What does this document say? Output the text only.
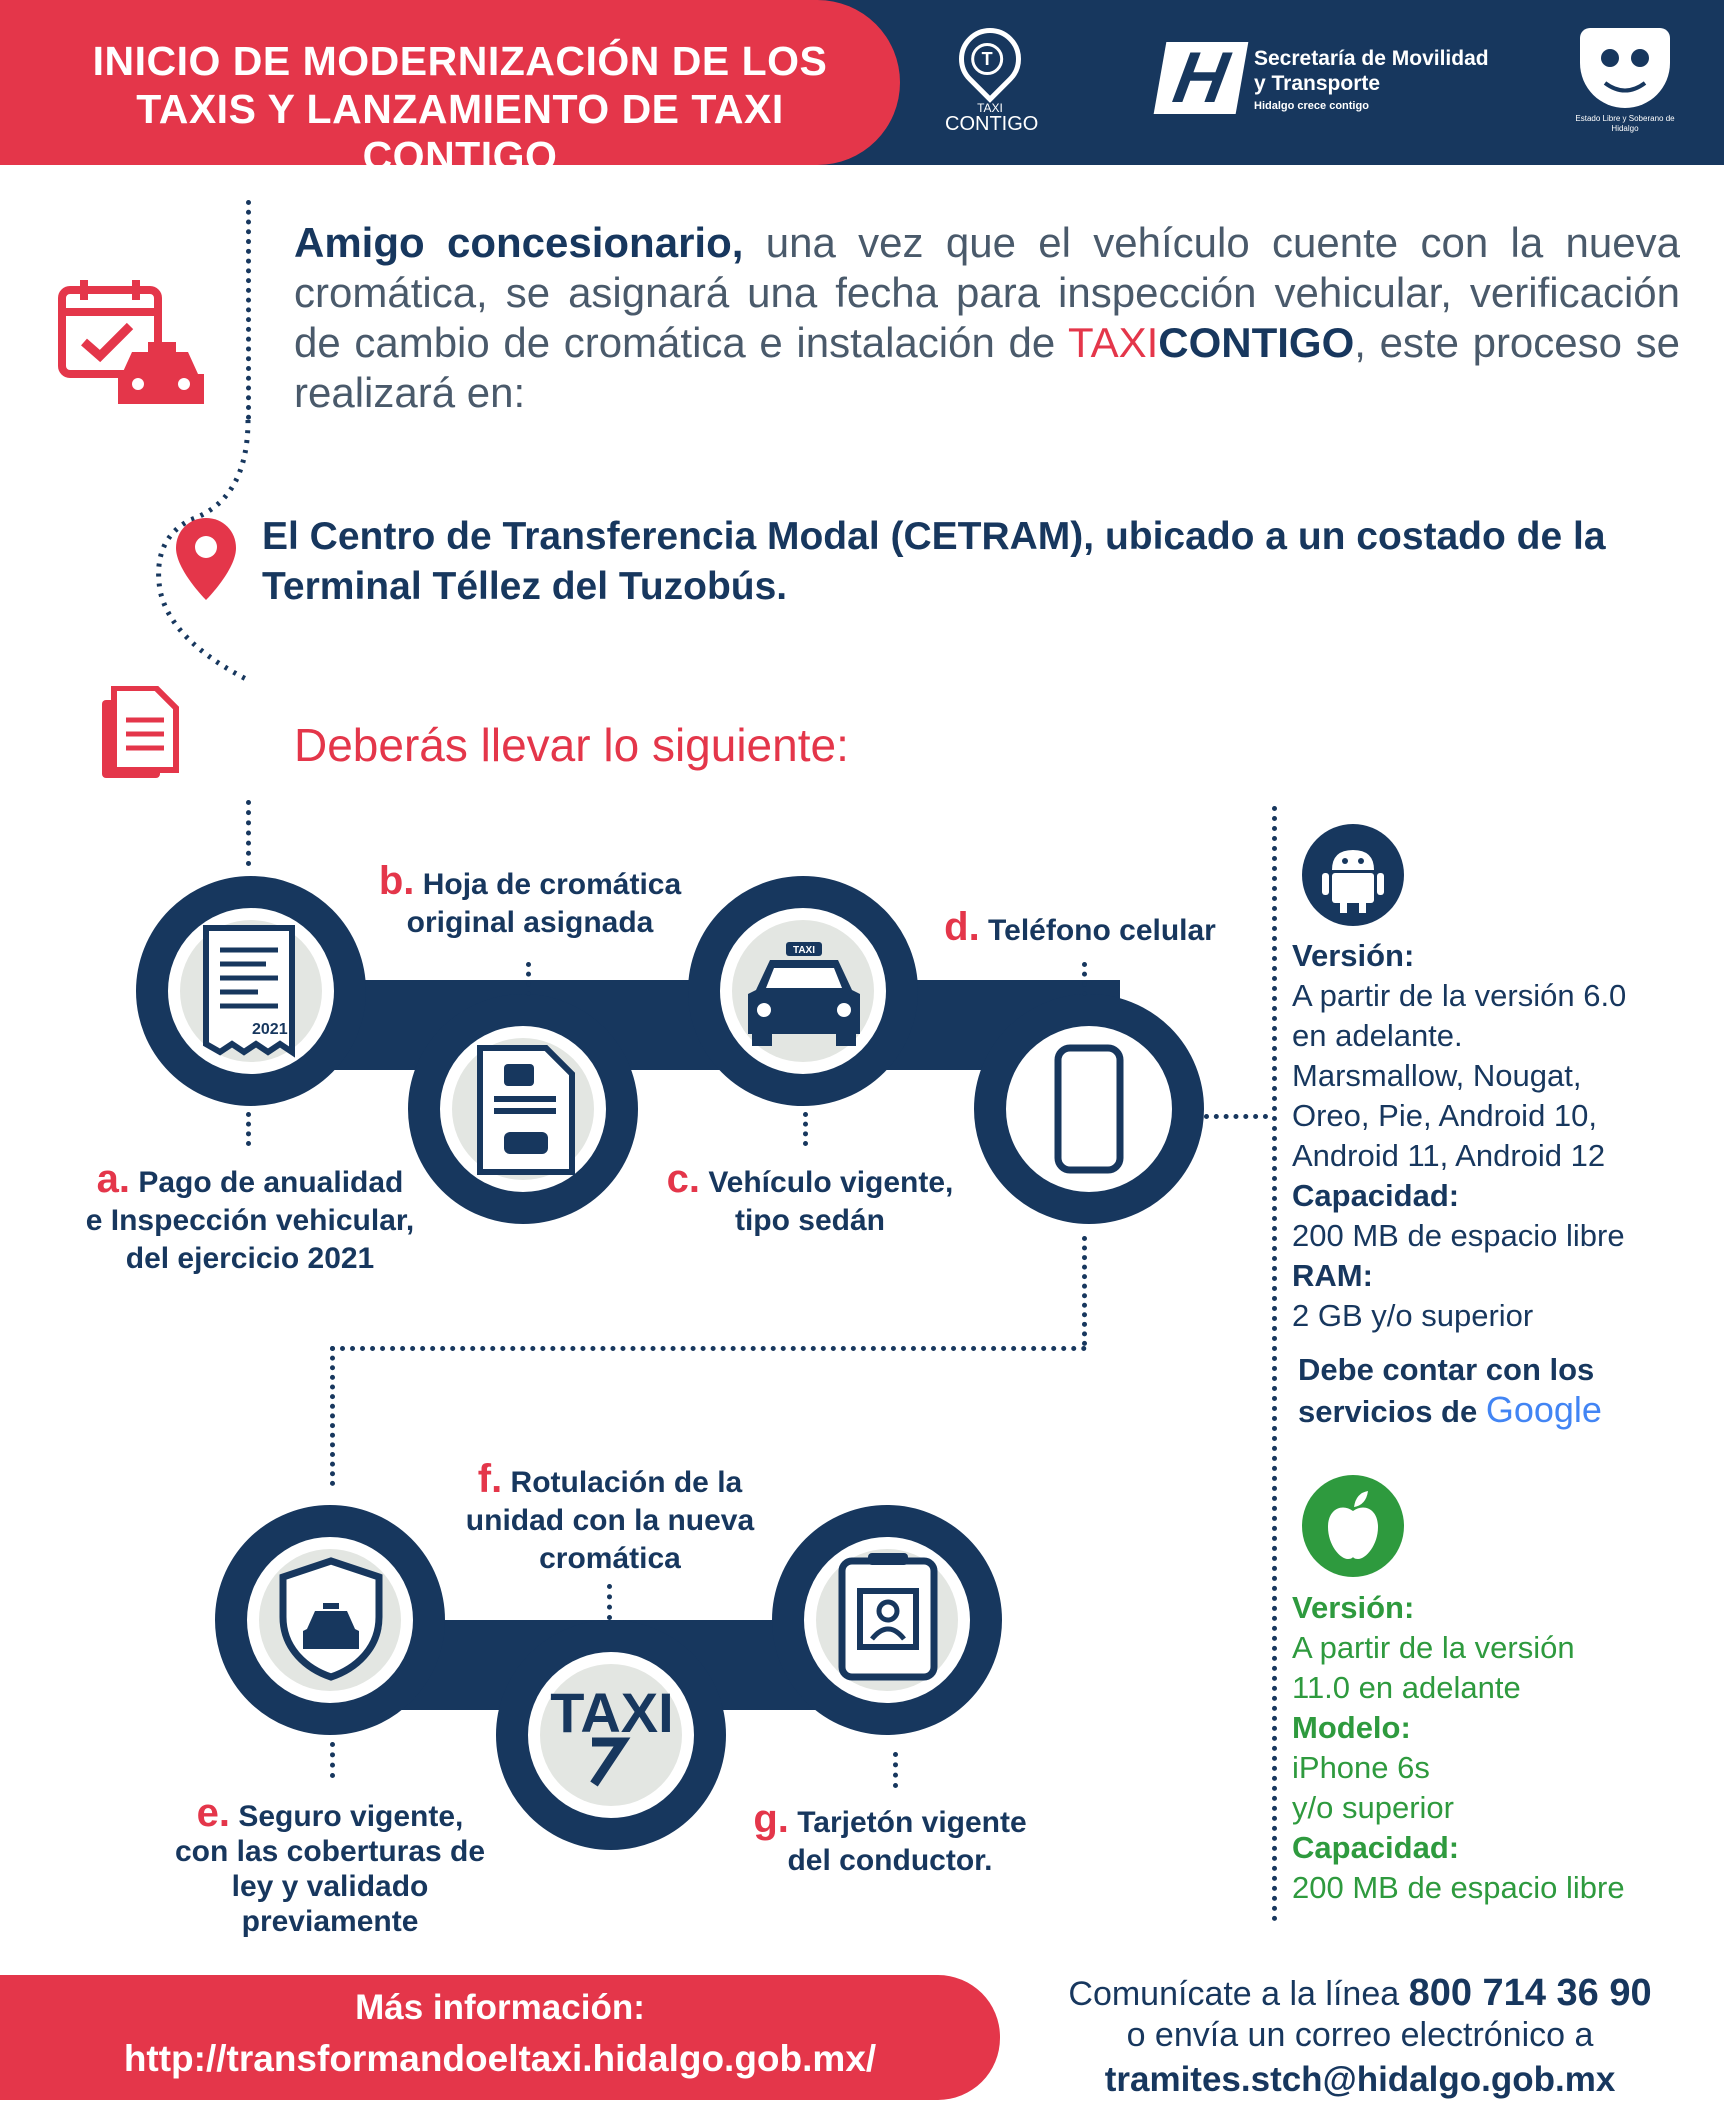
INICIO DE MODERNIZACIÓN DE LOS
TAXIS Y LANZAMIENTO DE TAXI CONTIGO
T
TAXI
CONTIGO
H Secretaría de Movilidad
y Transporte
Hidalgo crece contigo
Estado Libre y Soberano de Hidalgo
Amigo concesionario, una vez que el vehículo cuente con la nueva cromática, se asignará una fecha para inspección vehicular, verificación de cambio de cromática e instalación de TAXICONTIGO, este proceso se realizará en:
El Centro de Transferencia Modal (CETRAM), ubicado a un costado de la Terminal Téllez del Tuzobús.
Deberás llevar lo siguiente:
2021
TAXI
b. Hoja de cromática
original asignada	d. Teléfono celular
a. Pago de anualidad
e Inspección vehicular,
del ejercicio 2021
c. Vehículo vigente,
tipo sedán
TAXI
f. Rotulación de la
unidad con la nueva
cromática
e. Seguro vigente,
con las coberturas de
ley y validado
previamente
g. Tarjetón vigente
del conductor.
Versión:
A partir de la versión 6.0
en adelante.
Marsmallow, Nougat,
Oreo, Pie, Android 10,
Android 11, Android 12
Capacidad:
200 MB de espacio libre
RAM:
2 GB y/o superior
Debe contar con los
servicios de Google
Versión:
A partir de la versión
11.0 en adelante
Modelo:
iPhone 6s
y/o superior
Capacidad:
200 MB de espacio libre
Más información:
http://transformandoeltaxi.hidalgo.gob.mx/
Comunícate a la línea 800 714 36 90
o envía un correo electrónico a
tramites.stch@hidalgo.gob.mx
